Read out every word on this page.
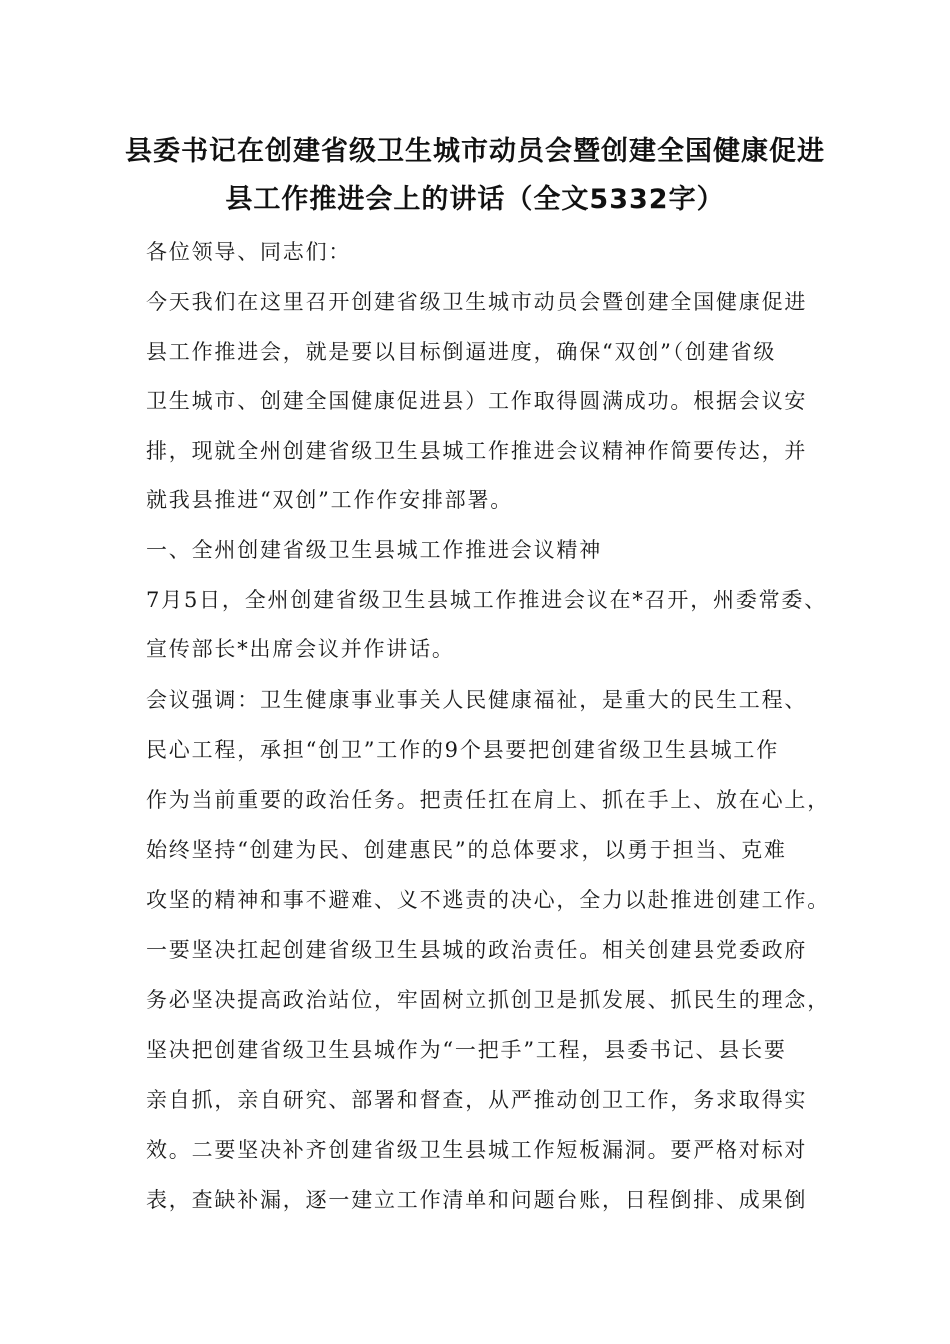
县委书记在创建省级卫生城市动员会暨创建全国健康促进
县工作推进会上的讲话（全文5332字）
各位领导、同志们：
今天我们在这里召开创建省级卫生城市动员会暨创建全国健康促进
县工作推进会，就是要以目标倒逼进度，确保“双创”（创建省级
卫生城市、创建全国健康促进县）工作取得圆满成功。根据会议安
排，现就全州创建省级卫生县城工作推进会议精神作简要传达，并
就我县推进“双创”工作作安排部署。
一、全州创建省级卫生县城工作推进会议精神
7月5日，全州创建省级卫生县城工作推进会议在*召开，州委常委、
宣传部长*出席会议并作讲话。
会议强调：卫生健康事业事关人民健康福祉，是重大的民生工程、
民心工程，承担“创卫”工作的9个县要把创建省级卫生县城工作
作为当前重要的政治任务。把责任扛在肩上、抓在手上、放在心上，
始终坚持“创建为民、创建惠民”的总体要求，以勇于担当、克难
攻坚的精神和事不避难、义不逃责的决心，全力以赴推进创建工作。
一要坚决扛起创建省级卫生县城的政治责任。相关创建县党委政府
务必坚决提高政治站位，牢固树立抓创卫是抓发展、抓民生的理念，
坚决把创建省级卫生县城作为“一把手”工程，县委书记、县长要
亲自抓，亲自研究、部署和督查，从严推动创卫工作，务求取得实
效。二要坚决补齐创建省级卫生县城工作短板漏洞。要严格对标对
表，查缺补漏，逐一建立工作清单和问题台账，日程倒排、成果倒
